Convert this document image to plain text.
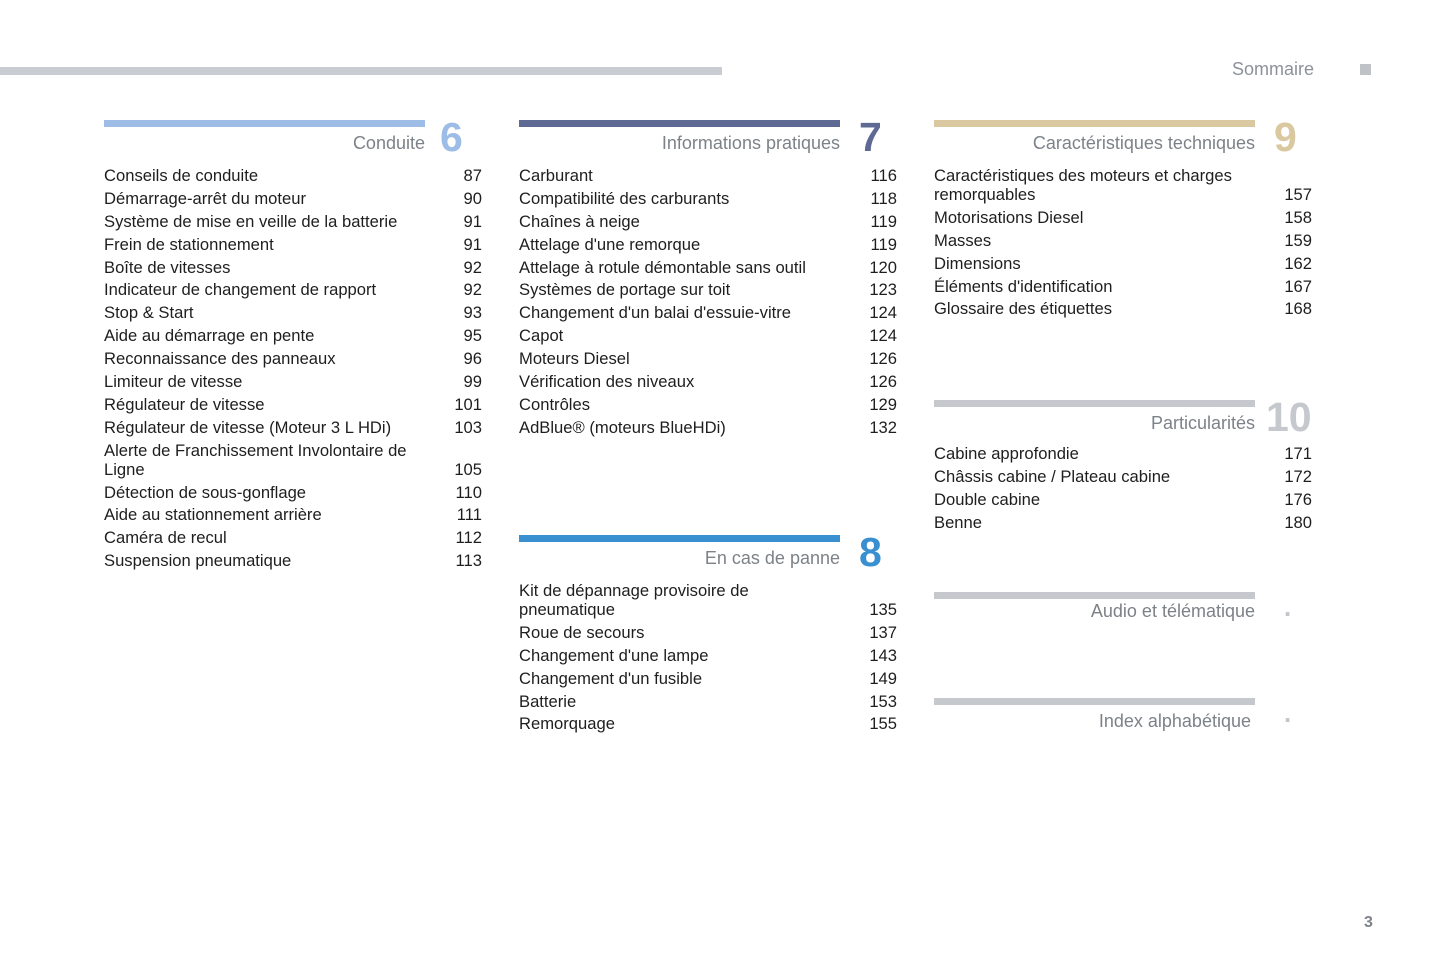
Sommaire
Conduite 6
Conseils de conduite	87
Démarrage-arrêt du moteur	90
Système de mise en veille de la batterie	91
Frein de stationnement	91
Boîte de vitesses	92
Indicateur de changement de rapport	92
Stop & Start	93
Aide au démarrage en pente	95
Reconnaissance des panneaux	96
Limiteur de vitesse	99
Régulateur de vitesse	101
Régulateur de vitesse (Moteur 3 L HDi)	103
Alerte de Franchissement Involontaire de Ligne	105
Détection de sous-gonflage	110
Aide au stationnement arrière	111
Caméra de recul	112
Suspension pneumatique	113
Informations pratiques 7
Carburant	116
Compatibilité des carburants	118
Chaînes à neige	119
Attelage d'une remorque	119
Attelage à rotule démontable sans outil	120
Systèmes de portage sur toit	123
Changement d'un balai d'essuie-vitre	124
Capot	124
Moteurs Diesel	126
Vérification des niveaux	126
Contrôles	129
AdBlue® (moteurs BlueHDi)	132
En cas de panne 8
Kit de dépannage provisoire de pneumatique	135
Roue de secours	137
Changement d'une lampe	143
Changement d'un fusible	149
Batterie	153
Remorquage	155
Caractéristiques techniques 9
Caractéristiques des moteurs et charges remorquables	157
Motorisations Diesel	158
Masses	159
Dimensions	162
Éléments d'identification	167
Glossaire des étiquettes	168
Particularités 10
Cabine approfondie	171
Châssis cabine / Plateau cabine	172
Double cabine	176
Benne	180
Audio et télématique .
Index alphabétique .
3
